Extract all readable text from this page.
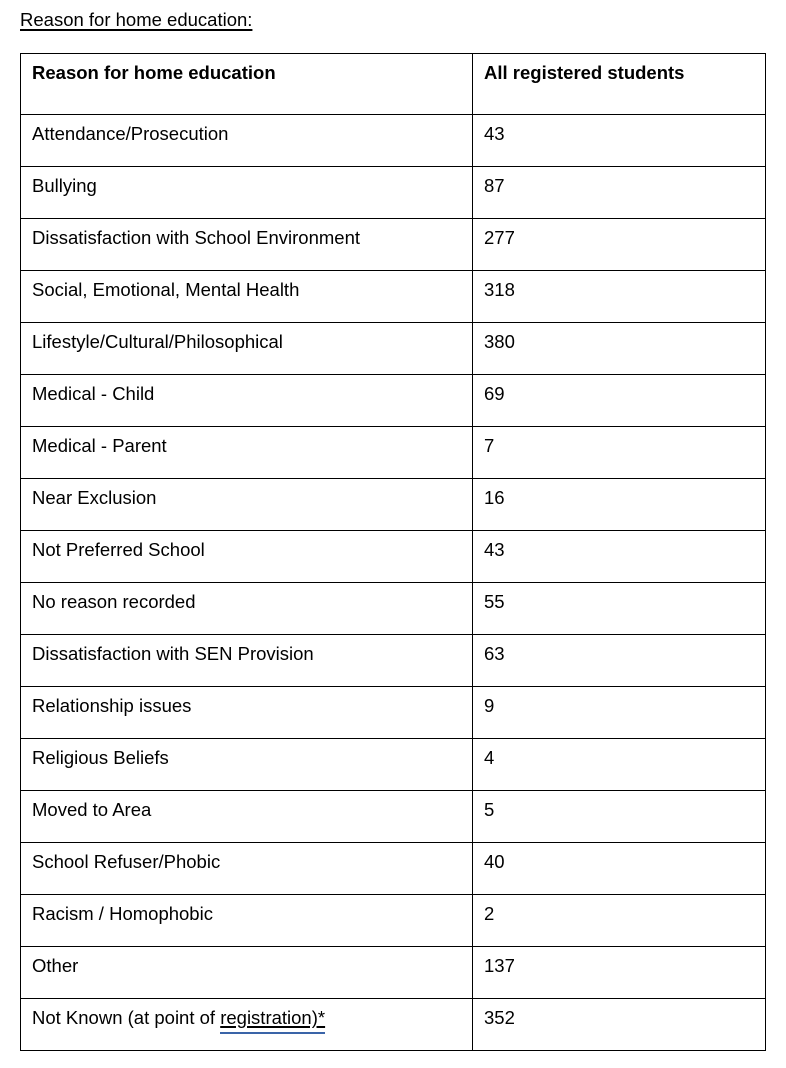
Reason for home education:
Reason for home education	All registered students
Attendance/Prosecution	43
Bullying	87
Dissatisfaction with School Environment	277
Social, Emotional, Mental Health	318
Lifestyle/Cultural/Philosophical	380
Medical - Child	69
Medical - Parent	7
Near Exclusion	16
Not Preferred School	43
No reason recorded	55
Dissatisfaction with SEN Provision	63
Relationship issues	9
Religious Beliefs	4
Moved to Area	5
School Refuser/Phobic	40
Racism / Homophobic	2
Other	137
Not Known (at point of registration)*	352
